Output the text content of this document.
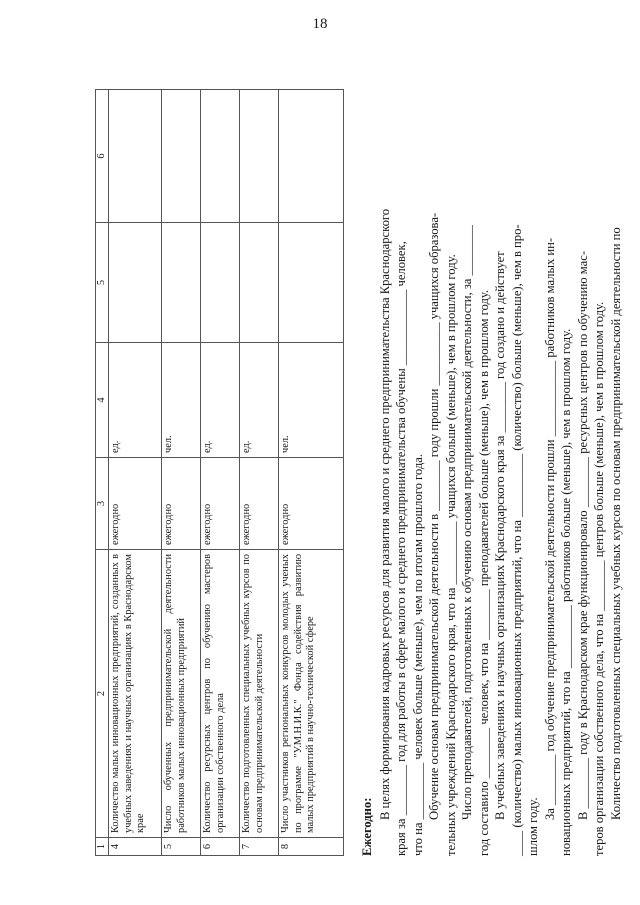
18
1	2	3	4	5	6
4	Количество малых инновационных предприятий, созданных в учебных заведениях и научных организациях в Краснодарском крае	ежегодно	ед.		
5	Число обученных предпринимательской деятельности работников малых инновационных предприятий	ежегодно	чел.		
6	Количество ресурсных центров по обучению мастеров организации собственного дела	ежегодно	ед.		
7	Количество подготовленных специальных учебных курсов по основам предпринимательской деятельности	ежегодно	ед.		
8	Число участников региональных конкурсов молодых ученых по программе "У.М.Н.И.К." Фонда содействия развитию малых предприятий в научно-технической сфере	ежегодно	чел.		
Ежегодно:
В целях формирования кадровых ресурсов для развития малого и среднего предпринимательства Краснодарского края за ________ год для работы в сфере малого и среднего предпринимательства обучены ____________ человек, что на _________ человек больше (меньше), чем по итогам прошлого года. Обучение основам предпринимательской деятельности в ________ году прошли __________ учащихся образова- тельных учреждений Краснодарского края, что на __________ учащихся больше (меньше), чем в прошлом году. Число преподавателей, подготовленных к обучению основам предпринимательской деятельности, за ________ год составило ________ человек, что на ________ преподавателей больше (меньше), чем в прошлом году. В учебных заведениях и научных организациях Краснодарского края за ________ год создано и действует ____ (количество) малых инновационных предприятий, что на __________ (количество) больше (меньше), чем в про- шлом году.
За ________ год обучение предпринимательской деятельности прошли ____________ работников малых ин- новационных предприятий, что на __________ работников больше (меньше), чем в прошлом году. В ________ году в Краснодарском крае функционировало ________ ресурсных центров по обучению мас- теров организации собственного дела, что на ________ центров больше (меньше), чем в прошлом году. Количество подготовленных специальных учебных курсов по основам предпринимательской деятельности по
